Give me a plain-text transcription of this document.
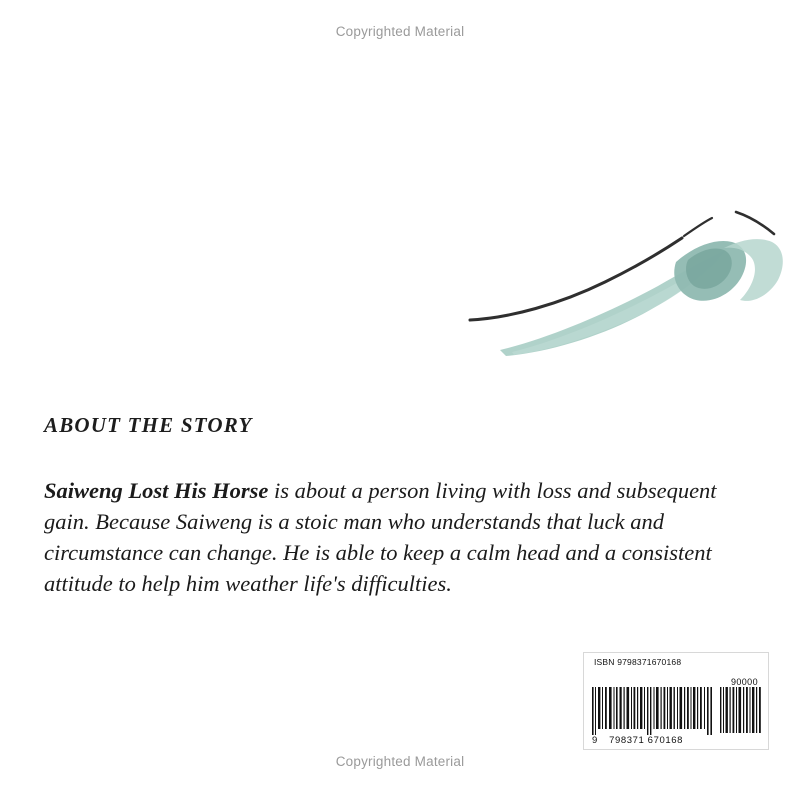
Copyrighted Material
ABOUT THE STORY
Saiweng Lost His Horse is about a person living with loss and subsequent gain. Because Saiweng is a stoic man who understands that luck and circumstance can change. He is able to keep a calm head and a consistent attitude to help him weather life's difficulties.
ISBN 9798371670168
90000
9 798371 670168
Copyrighted Material
